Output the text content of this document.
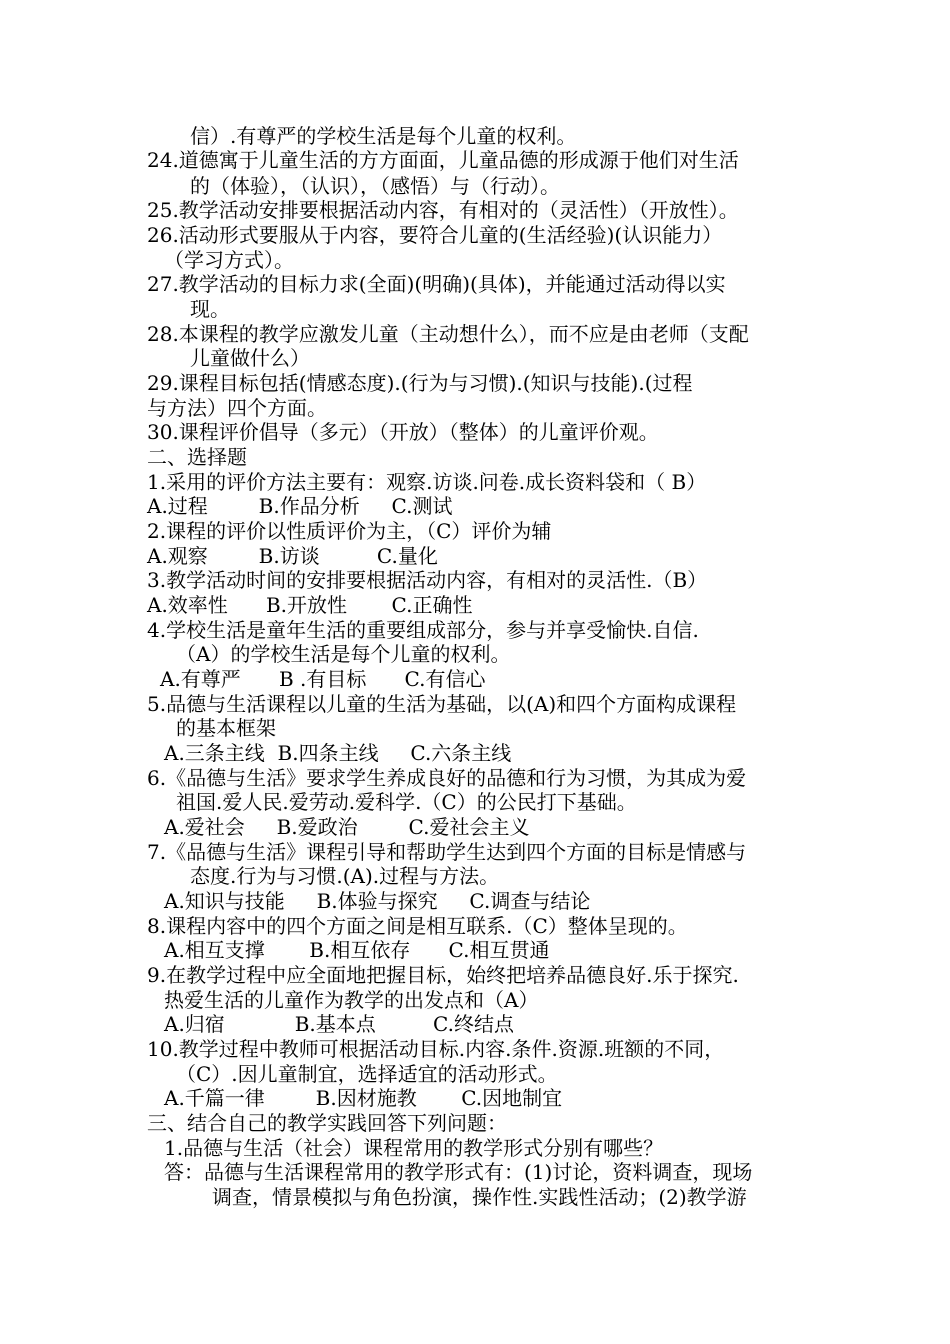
信）.有尊严的学校生活是每个儿童的权利。
24.道德寓于儿童生活的方方面面，儿童品德的形成源于他们对生活
的（体验），（认识），（感悟）与（行动）。
25.教学活动安排要根据活动内容，有相对的（灵活性）（开放性）。
26.活动形式要服从于内容，要符合儿童的(生活经验)(认识能力）
（学习方式）。
27.教学活动的目标力求(全面)(明确)(具体)，并能通过活动得以实
现。
28.本课程的教学应激发儿童（主动想什么），而不应是由老师（支配
儿童做什么）
29.课程目标包括(情感态度).(行为与习惯).(知识与技能).(过程
与方法）四个方面。
30.课程评价倡导（多元）（开放）（整体）的儿童评价观。
二、选择题
1.采用的评价方法主要有：观察.访谈.问卷.成长资料袋和（ B）
A.过程        B.作品分析     C.测试
2.课程的评价以性质评价为主，（C）评价为辅
A.观察        B.访谈         C.量化
3.教学活动时间的安排要根据活动内容，有相对的灵活性.（B）
A.效率性      B.开放性       C.正确性
4.学校生活是童年生活的重要组成部分，参与并享受愉快.自信.
（A）的学校生活是每个儿童的权利。
A.有尊严      B .有目标      C.有信心
5.品德与生活课程以儿童的生活为基础，以(A)和四个方面构成课程
的基本框架
A.三条主线  B.四条主线     C.六条主线
6.《品德与生活》要求学生养成良好的品德和行为习惯，为其成为爱
祖国.爱人民.爱劳动.爱科学.（C）的公民打下基础。
A.爱社会     B.爱政治        C.爱社会主义
7.《品德与生活》课程引导和帮助学生达到四个方面的目标是情感与
态度.行为与习惯.(A).过程与方法。
A.知识与技能     B.体验与探究     C.调查与结论
8.课程内容中的四个方面之间是相互联系.（C）整体呈现的。
A.相互支撑       B.相互依存      C.相互贯通
9.在教学过程中应全面地把握目标，始终把培养品德良好.乐于探究.
热爱生活的儿童作为教学的出发点和（A）
A.归宿           B.基本点         C.终结点
10.教学过程中教师可根据活动目标.内容.条件.资源.班额的不同，
（C）.因儿童制宜，选择适宜的活动形式。
A.千篇一律        B.因材施教       C.因地制宜
三、结合自己的教学实践回答下列问题：
1.品德与生活（社会）课程常用的教学形式分别有哪些？
答：品德与生活课程常用的教学形式有：(1)讨论，资料调查，现场
调查，情景模拟与角色扮演，操作性.实践性活动；(2)教学游
